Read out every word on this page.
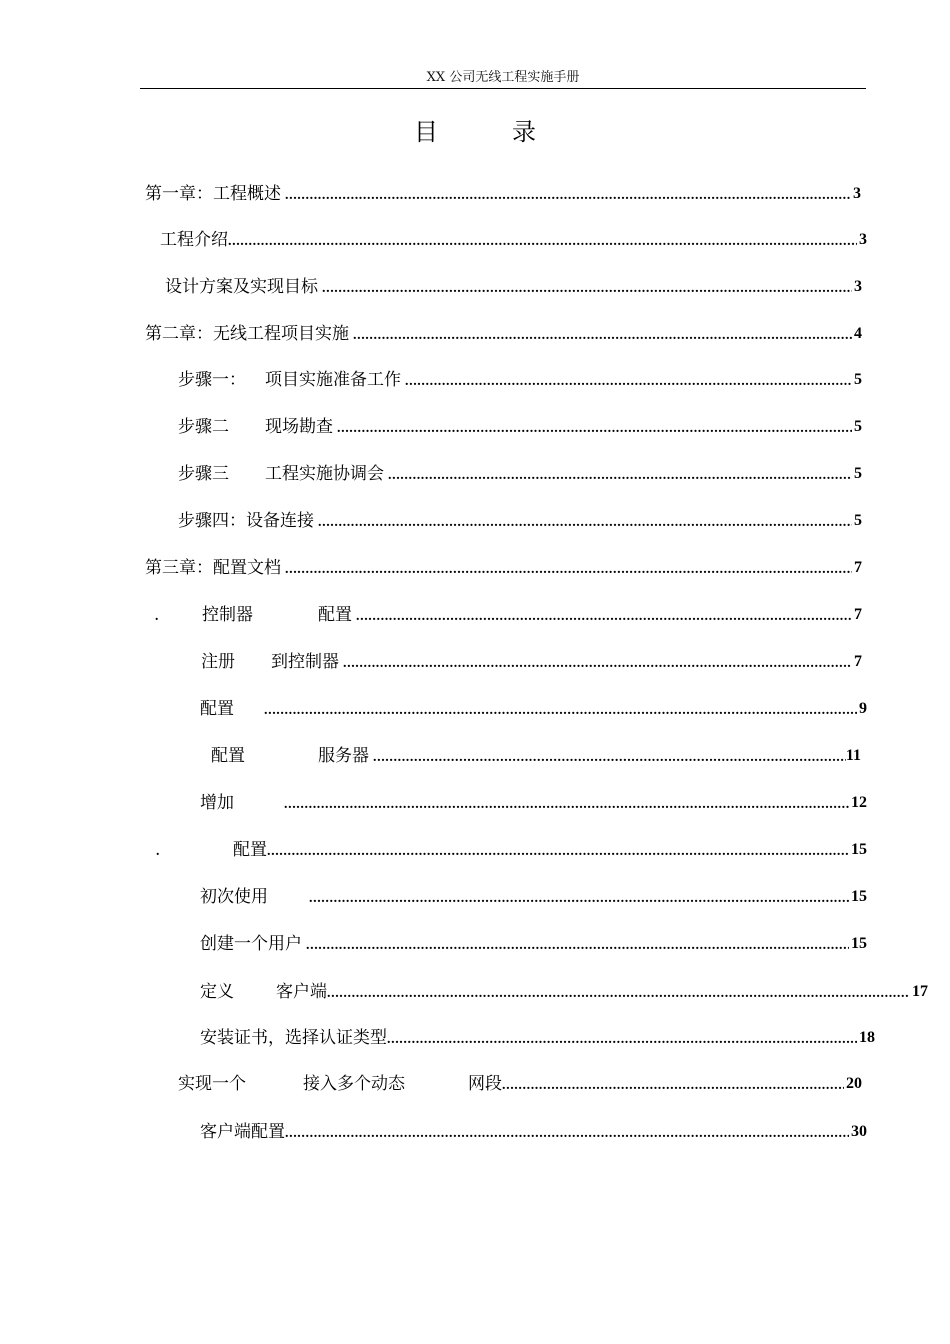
XX 公司无线工程实施手册
目	录
第一章：工程概述 .....	3
工程介绍 .....	3
设计方案及实现目标 .....	3
第二章：无线工程项目实施 .....	4
步骤一：	项目实施准备工作 .....	5
步骤二	现场勘查 .....	5
步骤三	工程实施协调会 .....	5
步骤四：设备连接 .....	5
第三章：配置文档 .....	7
.	控制器	配置 .....	7
注册	到控制器 .....	7
配置 .....	9
配置	服务器 .....	11
增加 .....	12
.	配置 .....	15
初次使用 .....	15
创建一个用户 .....	15
定义	客户端 .....	17
安装证书，选择认证类型 .....	18
实现一个	接入多个动态	网段 .....	20
客户端配置 .....	30
